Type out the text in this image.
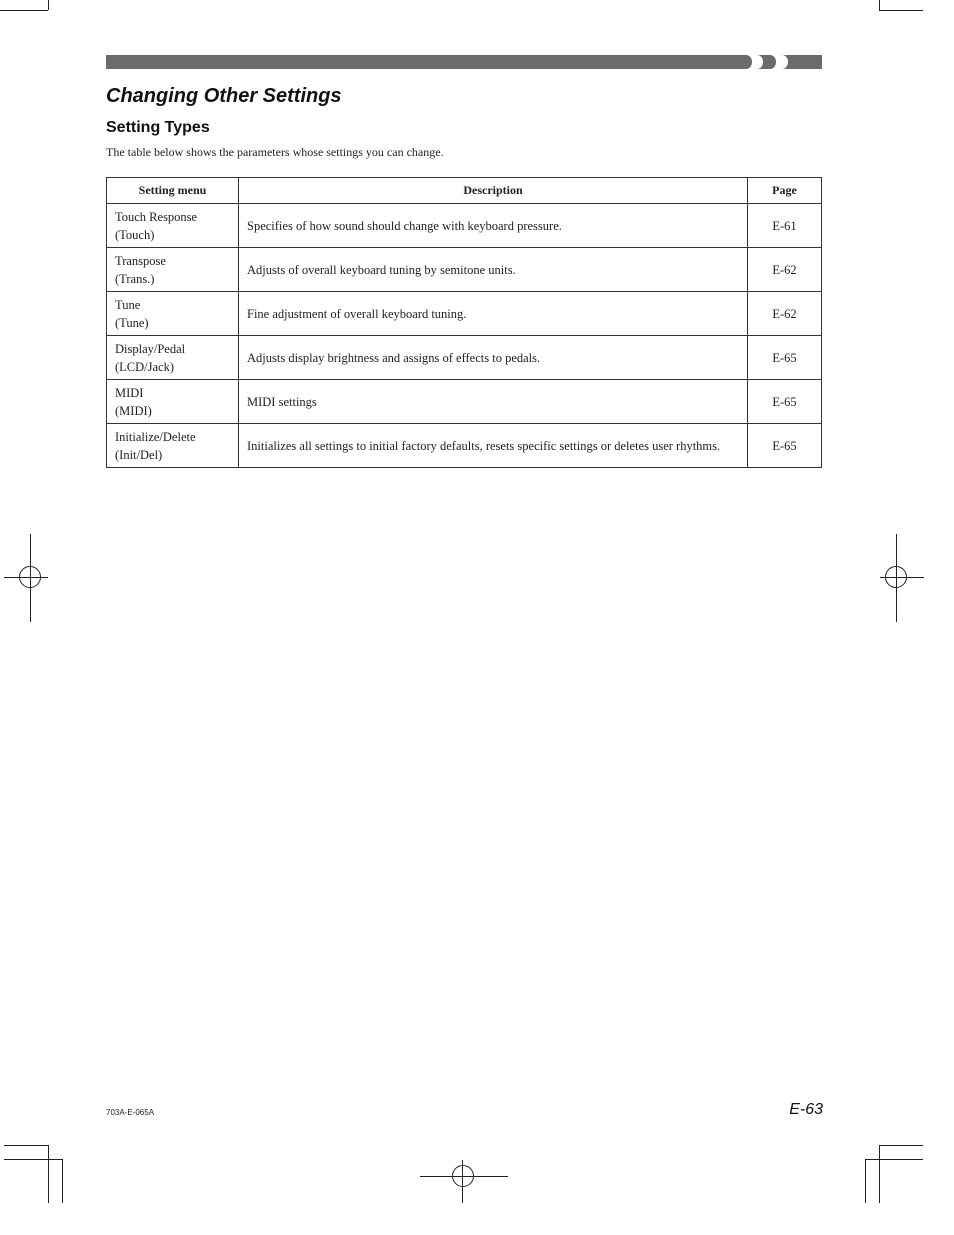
Changing Other Settings
Setting Types

The table below shows the parameters whose settings you can change.

Setting menu	Description	Page

Touch Response
(Touch)	Specifies of how sound should change with keyboard pressure.	E-61

Transpose
(Trans.)	Adjusts of overall keyboard tuning by semitone units.	E-62

Tune
(Tune)	Fine adjustment of overall keyboard tuning.	E-62

Display/Pedal
(LCD/Jack)	Adjusts display brightness and assigns of effects to pedals.	E-65

MIDI
(MIDI)	MIDI settings	E-65

Initialize/Delete
(Init/Del)	Initializes all settings to initial factory defaults, resets specific settings or deletes user rhythms.	E-65
703A-E-065A	E-63
